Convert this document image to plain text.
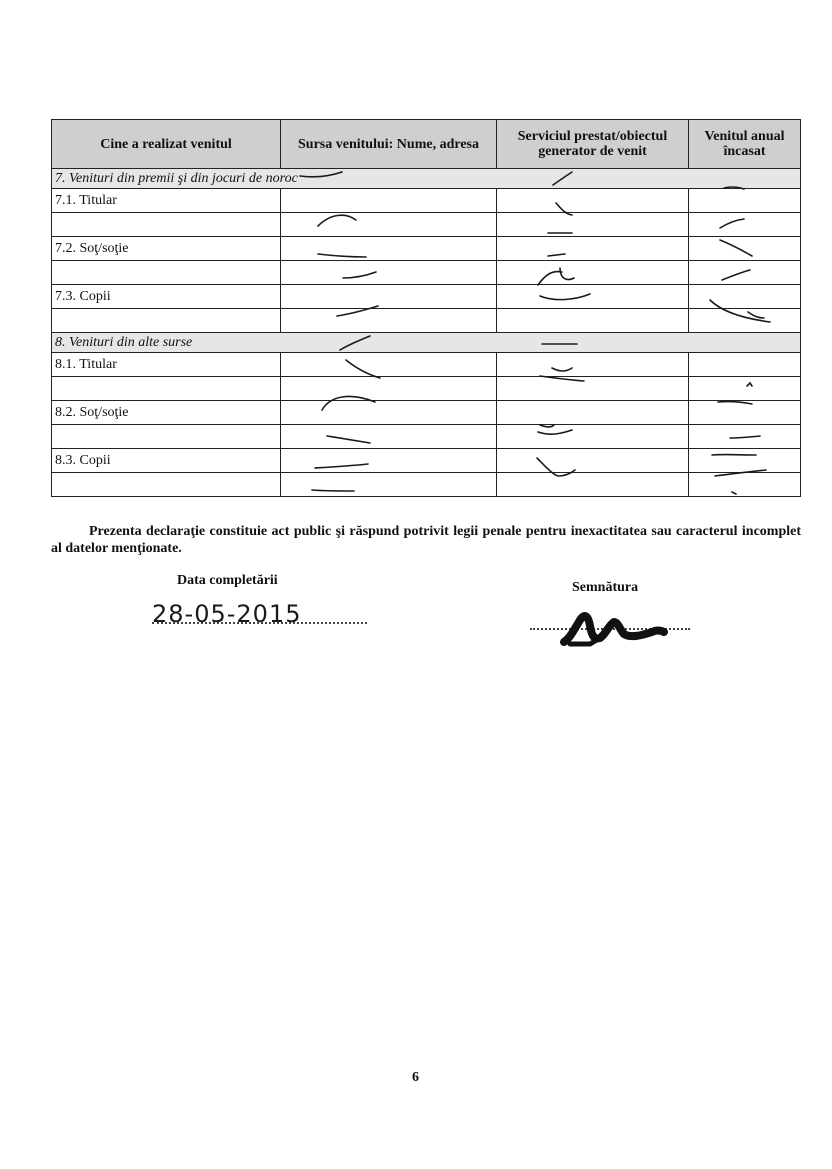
Cine a realizat venitul	Sursa venitului: Nume, adresa	Serviciul prestat/obiectul generator de venit	Venitul anual încasat
7. Venituri din premii şi din jocuri de noroc			
7.1. Titular			

7.2. Soţ/soţie			

7.3. Copii			

8. Venituri din alte surse			
8.1. Titular			

8.2. Soţ/soţie			

8.3. Copii			

Prezenta declaraţie constituie act public şi răspund potrivit legii penale pentru inexactitatea sau caracterul incomplet al datelor menţionate.
Data completării
28-05-2015
Semnătura
6
